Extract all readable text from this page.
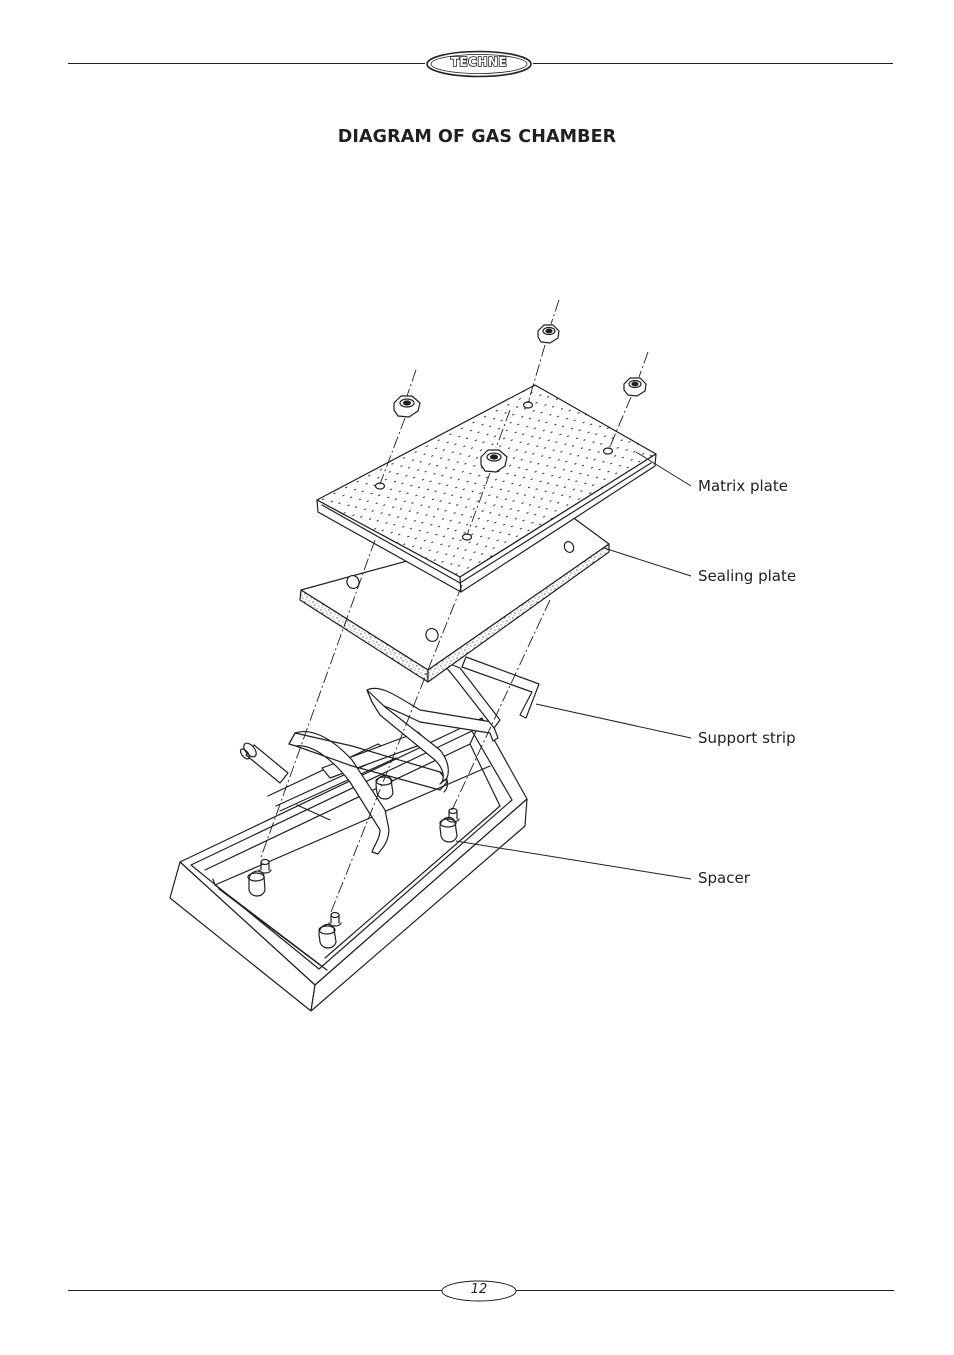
TECHNE
DIAGRAM OF GAS CHAMBER
Matrix plate
Sealing plate
Support strip
Spacer
12
